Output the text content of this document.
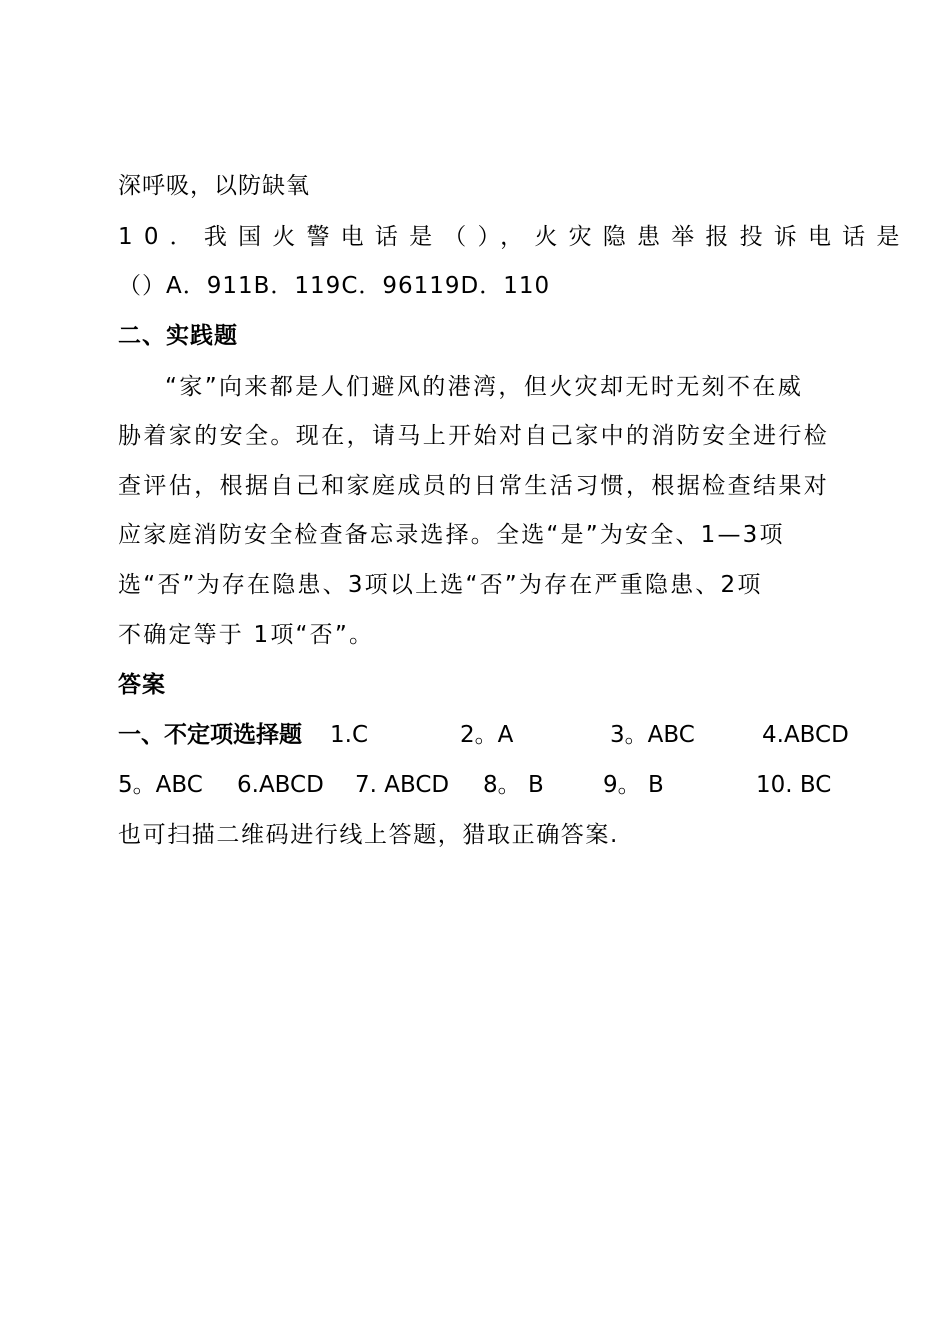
深呼吸，以防缺氧
10．我国火警电话是（），火灾隐患举报投诉电话是
（）A．911B．119C．96119D．110
二、实践题
“家”向来都是人们避风的港湾，但火灾却无时无刻不在威
胁着家的安全。现在，请马上开始对自己家中的消防安全进行检
查评估，根据自己和家庭成员的日常生活习惯，根据检查结果对
应家庭消防安全检查备忘录选择。全选“是”为安全、1—3项
选“否”为存在隐患、3项以上选“否”为存在严重隐患、2项
不确定等于 1项“否”。
答案
一、不定项选择题 1.C	2。A	3。ABC	4.ABCD
5。ABC 6.ABCD 7. ABCD 8。 B	9。 B	10. BC
也可扫描二维码进行线上答题，猎取正确答案.
